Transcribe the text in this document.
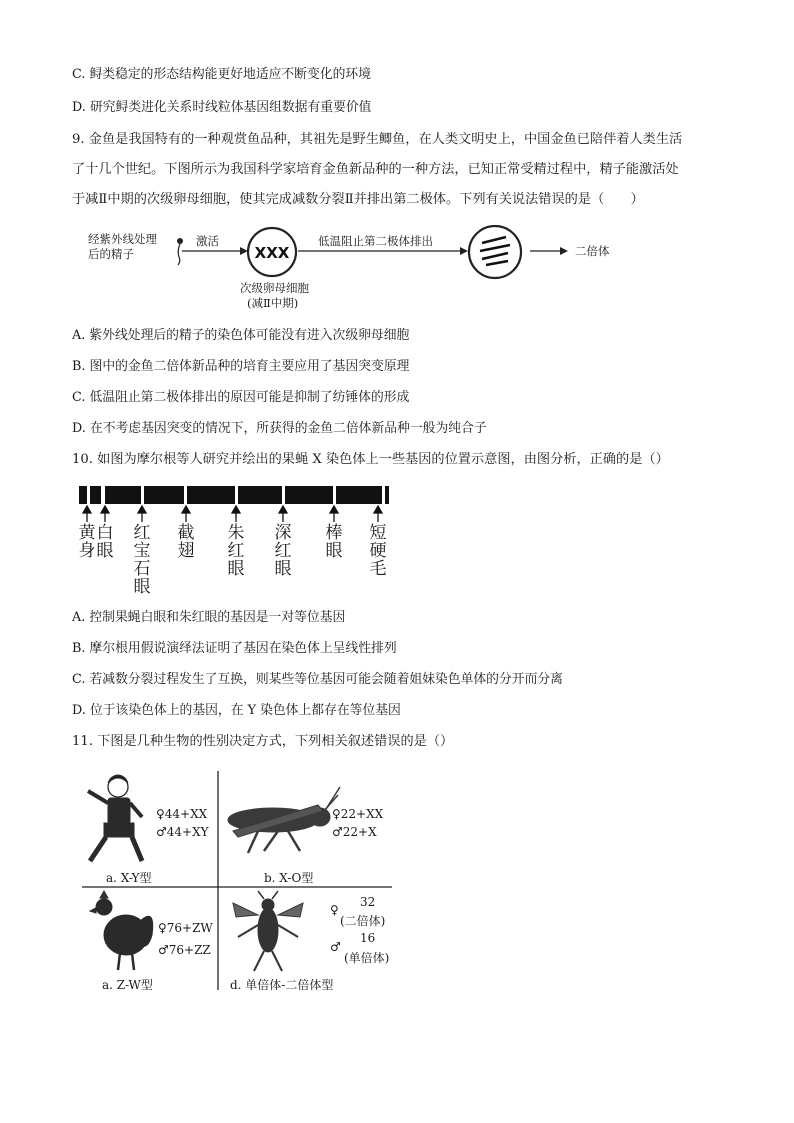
C. 鲟类稳定的形态结构能更好地适应不断变化的环境
D. 研究鲟类进化关系时线粒体基因组数据有重要价值
9. 金鱼是我国特有的一种观赏鱼品种，其祖先是野生鲫鱼，在人类文明史上，中国金鱼已陪伴着人类生活
了十几个世纪。下图所示为我国科学家培育金鱼新品种的一种方法，已知正常受精过程中，精子能激活处
于减Ⅱ中期的次级卵母细胞，使其完成减数分裂Ⅱ并排出第二极体。下列有关说法错误的是（　　）
经紫外线处理
后的精子	XXX
激活	低温阻止第二极体排出
二倍体
次级卵母细胞
(减Ⅱ中期)
A. 紫外线处理后的精子的染色体可能没有进入次级卵母细胞
B. 图中的金鱼二倍体新品种的培育主要应用了基因突变原理
C. 低温阻止第二极体排出的原因可能是抑制了纺锤体的形成
D. 在不考虑基因突变的情况下，所获得的金鱼二倍体新品种一般为纯合子
10. 如图为摩尔根等人研究并绘出的果蝇 X 染色体上一些基因的位置示意图，由图分析，正确的是（）
黄
身
白
眼
红
宝
石
眼
截
翅
朱
红
眼
深
红
眼
棒
眼
短
硬
毛
A. 控制果蝇白眼和朱红眼的基因是一对等位基因
B. 摩尔根用假说演绎法证明了基因在染色体上呈线性排列
C. 若减数分裂过程发生了互换，则某些等位基因可能会随着姐妹染色单体的分开而分离
D. 位于该染色体上的基因，在 Y 染色体上都存在等位基因
11. 下图是几种生物的性别决定方式，下列相关叙述错误的是（）
♀44+XX
♂44+XY
a. X-Y型
♀22+XX
♂22+X
b. X-O型
♀76+ZW
♂76+ZZ
a. Z-W型
♀
32
(二倍体)
♂
16
(单倍体)
d. 单倍体-二倍体型
